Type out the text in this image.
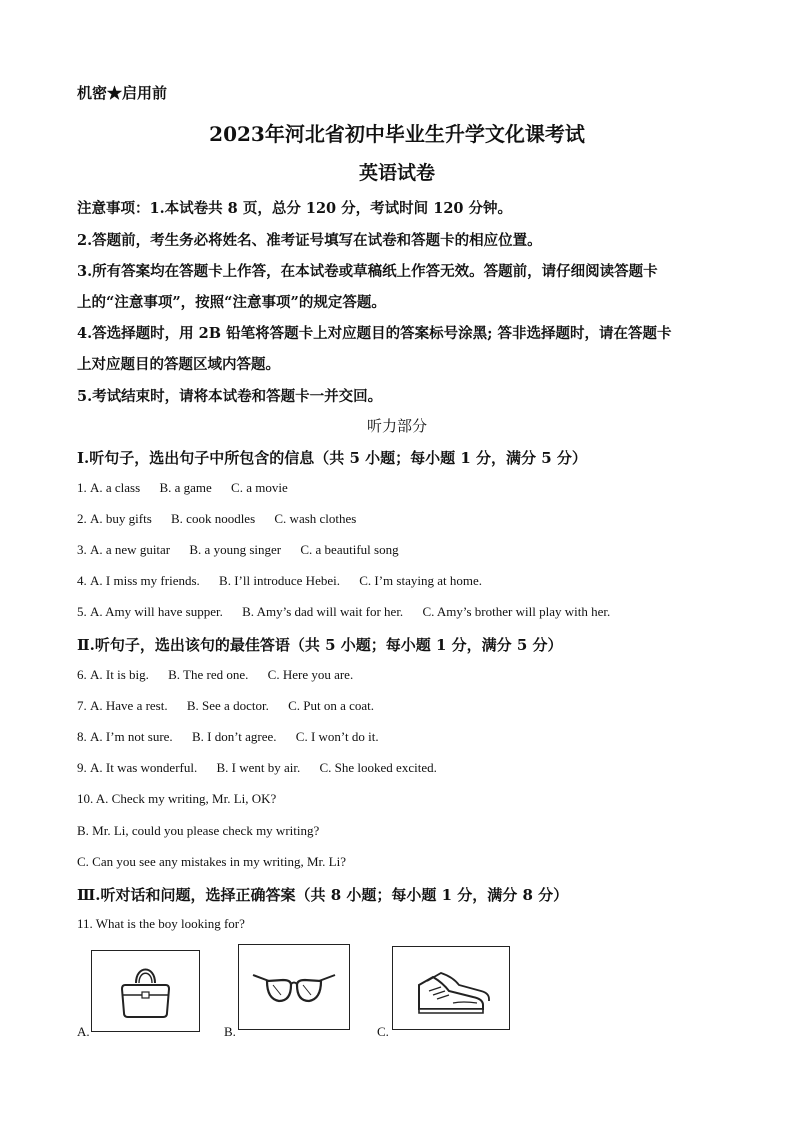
机密★启用前
2023年河北省初中毕业生升学文化课考试
英语试卷
注意事项：1.本试卷共 8 页，总分 120 分，考试时间 120 分钟。
2.答题前，考生务必将姓名、准考证号填写在试卷和答题卡的相应位置。
3.所有答案均在答题卡上作答，在本试卷或草稿纸上作答无效。答题前，请仔细阅读答题卡
上的“注意事项”，按照“注意事项”的规定答题。
4.答选择题时，用 2B 铅笔将答题卡上对应题目的答案标号涂黑; 答非选择题时，请在答题卡
上对应题目的答题区域内答题。
5.考试结束时，请将本试卷和答题卡一并交回。
听力部分
Ⅰ.听句子，选出句子中所包含的信息（共 5 小题；每小题 1 分，满分 5 分）
1. A. a class B. a game C. a movie
2. A. buy gifts B. cook noodles C. wash clothes
3. A. a new guitar B. a young singer C. a beautiful song
4. A. I miss my friends. B. I’ll introduce Hebei. C. I’m staying at home.
5. A. Amy will have supper. B. Amy’s dad will wait for her. C. Amy’s brother will play with her.
Ⅱ.听句子，选出该句的最佳答语（共 5 小题；每小题 1 分，满分 5 分）
6. A. It is big. B. The red one. C. Here you are.
7. A. Have a rest. B. See a doctor. C. Put on a coat.
8. A. I’m not sure. B. I don’t agree. C. I won’t do it.
9. A. It was wonderful. B. I went by air. C. She looked excited.
10. A. Check my writing, Mr. Li, OK?
B. Mr. Li, could you please check my writing?
C. Can you see any mistakes in my writing, Mr. Li?
Ⅲ.听对话和问题，选择正确答案（共 8 小题；每小题 1 分，满分 8 分）
11. What is the boy looking for?
A.	B.	C.
